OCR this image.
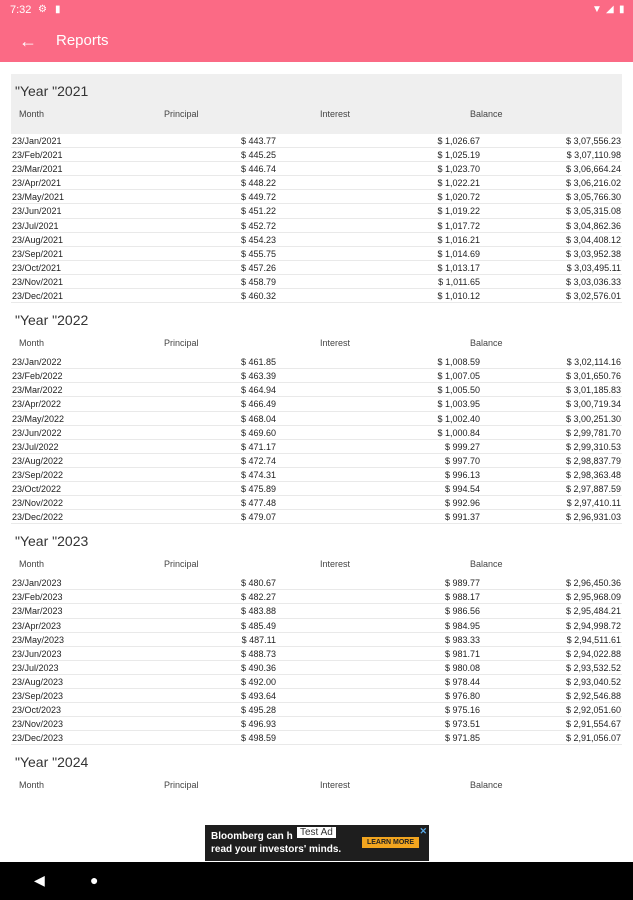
7:32 ⚙ ▮	▼ ◢ ▮
← Reports
"Year "2021
Month	Principal	Interest	Balance
23/Jan/2021	$ 443.77	$ 1,026.67	$ 3,07,556.23
23/Feb/2021	$ 445.25	$ 1,025.19	$ 3,07,110.98
23/Mar/2021	$ 446.74	$ 1,023.70	$ 3,06,664.24
23/Apr/2021	$ 448.22	$ 1,022.21	$ 3,06,216.02
23/May/2021	$ 449.72	$ 1,020.72	$ 3,05,766.30
23/Jun/2021	$ 451.22	$ 1,019.22	$ 3,05,315.08
23/Jul/2021	$ 452.72	$ 1,017.72	$ 3,04,862.36
23/Aug/2021	$ 454.23	$ 1,016.21	$ 3,04,408.12
23/Sep/2021	$ 455.75	$ 1,014.69	$ 3,03,952.38
23/Oct/2021	$ 457.26	$ 1,013.17	$ 3,03,495.11
23/Nov/2021	$ 458.79	$ 1,011.65	$ 3,03,036.33
23/Dec/2021	$ 460.32	$ 1,010.12	$ 3,02,576.01
"Year "2022
Month	Principal	Interest	Balance
23/Jan/2022	$ 461.85	$ 1,008.59	$ 3,02,114.16
23/Feb/2022	$ 463.39	$ 1,007.05	$ 3,01,650.76
23/Mar/2022	$ 464.94	$ 1,005.50	$ 3,01,185.83
23/Apr/2022	$ 466.49	$ 1,003.95	$ 3,00,719.34
23/May/2022	$ 468.04	$ 1,002.40	$ 3,00,251.30
23/Jun/2022	$ 469.60	$ 1,000.84	$ 2,99,781.70
23/Jul/2022	$ 471.17	$ 999.27	$ 2,99,310.53
23/Aug/2022	$ 472.74	$ 997.70	$ 2,98,837.79
23/Sep/2022	$ 474.31	$ 996.13	$ 2,98,363.48
23/Oct/2022	$ 475.89	$ 994.54	$ 2,97,887.59
23/Nov/2022	$ 477.48	$ 992.96	$ 2,97,410.11
23/Dec/2022	$ 479.07	$ 991.37	$ 2,96,931.03
"Year "2023
Month	Principal	Interest	Balance
23/Jan/2023	$ 480.67	$ 989.77	$ 2,96,450.36
23/Feb/2023	$ 482.27	$ 988.17	$ 2,95,968.09
23/Mar/2023	$ 483.88	$ 986.56	$ 2,95,484.21
23/Apr/2023	$ 485.49	$ 984.95	$ 2,94,998.72
23/May/2023	$ 487.11	$ 983.33	$ 2,94,511.61
23/Jun/2023	$ 488.73	$ 981.71	$ 2,94,022.88
23/Jul/2023	$ 490.36	$ 980.08	$ 2,93,532.52
23/Aug/2023	$ 492.00	$ 978.44	$ 2,93,040.52
23/Sep/2023	$ 493.64	$ 976.80	$ 2,92,546.88
23/Oct/2023	$ 495.28	$ 975.16	$ 2,92,051.60
23/Nov/2023	$ 496.93	$ 973.51	$ 2,91,554.67
23/Dec/2023	$ 498.59	$ 971.85	$ 2,91,056.07
"Year "2024
Month	Principal	Interest	Balance
Bloomberg can h Test Ad
read your investors' minds.
LEARN MORE
✕
◀	●
